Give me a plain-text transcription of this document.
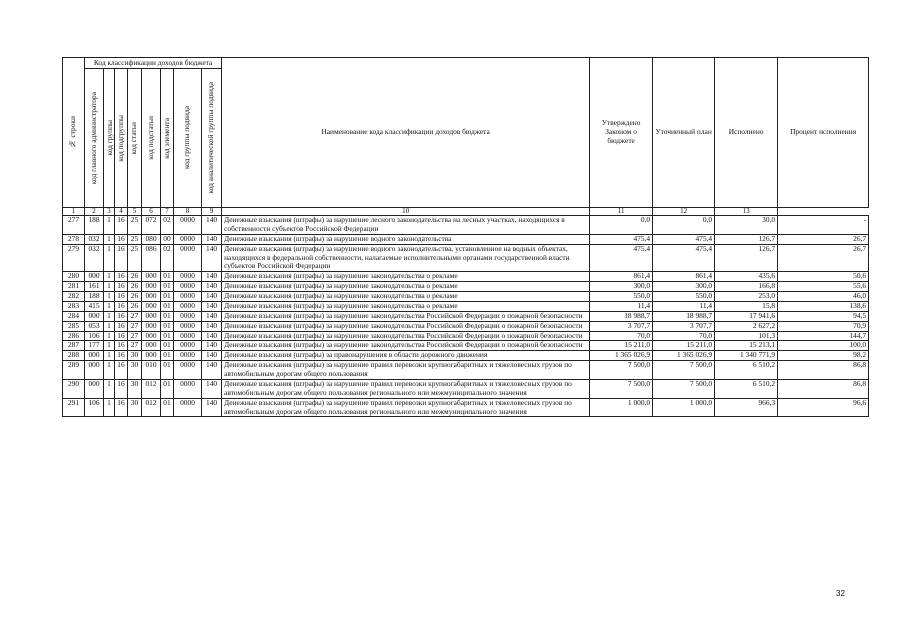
№ строки	Код классификации доходов бюджета								Наименование кода классификации доходов бюджета	Утверждено Законом о бюджете	Уточненный план	Исполнено	Процент исполнения

	код главного администратора	код группы	код подгруппы	код статьи	код подстатьи	код элемента	код группы подвида	код аналитической группы подвида					

1	2	3	4	5	6	7	8	9	10	11	12	13	
277	188	1	16	25	072	02	0000	140	Денежные взыскания (штрафы) за нарушение лесного законодательства на лесных участках, находящихся в собственности субъектов Российской Федерации	0,0	0,0	30,0	-
278	032	1	16	25	080	00	0000	140	Денежные взыскания (штрафы) за нарушение водного законодательства	475,4	475,4	126,7	26,7
279	032	1	16	25	086	02	0000	140	Денежные взыскания (штрафы) за нарушение водного законодательства, установленное на водных объектах, находящихся в федеральной собственности, налагаемые исполнительными органами государственной власти субъектов Российской Федерации	475,4	475,4	126,7	26,7
280	000	1	16	26	000	01	0000	140	Денежные взыскания (штрафы) за нарушение законодательства о рекламе	861,4	861,4	435,6	50,6
281	161	1	16	26	000	01	0000	140	Денежные взыскания (штрафы) за нарушение законодательства о рекламе	300,0	300,0	166,8	55,6
282	188	1	16	26	000	01	0000	140	Денежные взыскания (штрафы) за нарушение законодательства о рекламе	550,0	550,0	253,0	46,0
283	415	1	16	26	000	01	0000	140	Денежные взыскания (штрафы) за нарушение законодательства о рекламе	11,4	11,4	15,8	138,6
284	000	1	16	27	000	01	0000	140	Денежные взыскания (штрафы) за нарушение законодательства Российской Федерации о пожарной безопасности	18 988,7	18 988,7	17 941,6	94,5
285	053	1	16	27	000	01	0000	140	Денежные взыскания (штрафы) за нарушение законодательства Российской Федерации о пожарной безопасности	3 707,7	3 707,7	2 627,2	70,9
286	106	1	16	27	000	01	0000	140	Денежные взыскания (штрафы) за нарушение законодательства Российской Федерации о пожарной безопасности	70,0	70,0	101,3	144,7
287	177	1	16	27	000	01	0000	140	Денежные взыскания (штрафы) за нарушение законодательства Российской Федерации о пожарной безопасности	15 211,0	15 211,0	15 213,1	100,0
288	000	1	16	30	000	01	0000	140	Денежные взыскания (штрафы) за правонарушения в области дорожного движения	1 365 026,9	1 365 026,9	1 340 771,9	98,2
289	000	1	16	30	010	01	0000	140	Денежные взыскания (штрафы) за нарушение правил перевозки крупногабаритных и тяжеловесных грузов по автомобильным дорогам общего пользования	7 500,0	7 500,0	6 510,2	86,8
290	000	1	16	30	012	01	0000	140	Денежные взыскания (штрафы) за нарушение правил перевозки крупногабаритных и тяжеловесных грузов по автомобильным дорогам общего пользования регионального или межмуниципального значения	7 500,0	7 500,0	6 510,2	86,8
291	106	1	16	30	012	01	0000	140	Денежные взыскания (штрафы) за нарушение правил перевозки крупногабаритных и тяжеловесных грузов по автомобильным дорогам общего пользования регионального или межмуниципального значения	1 000,0	1 000,0	966,3	96,6
32
